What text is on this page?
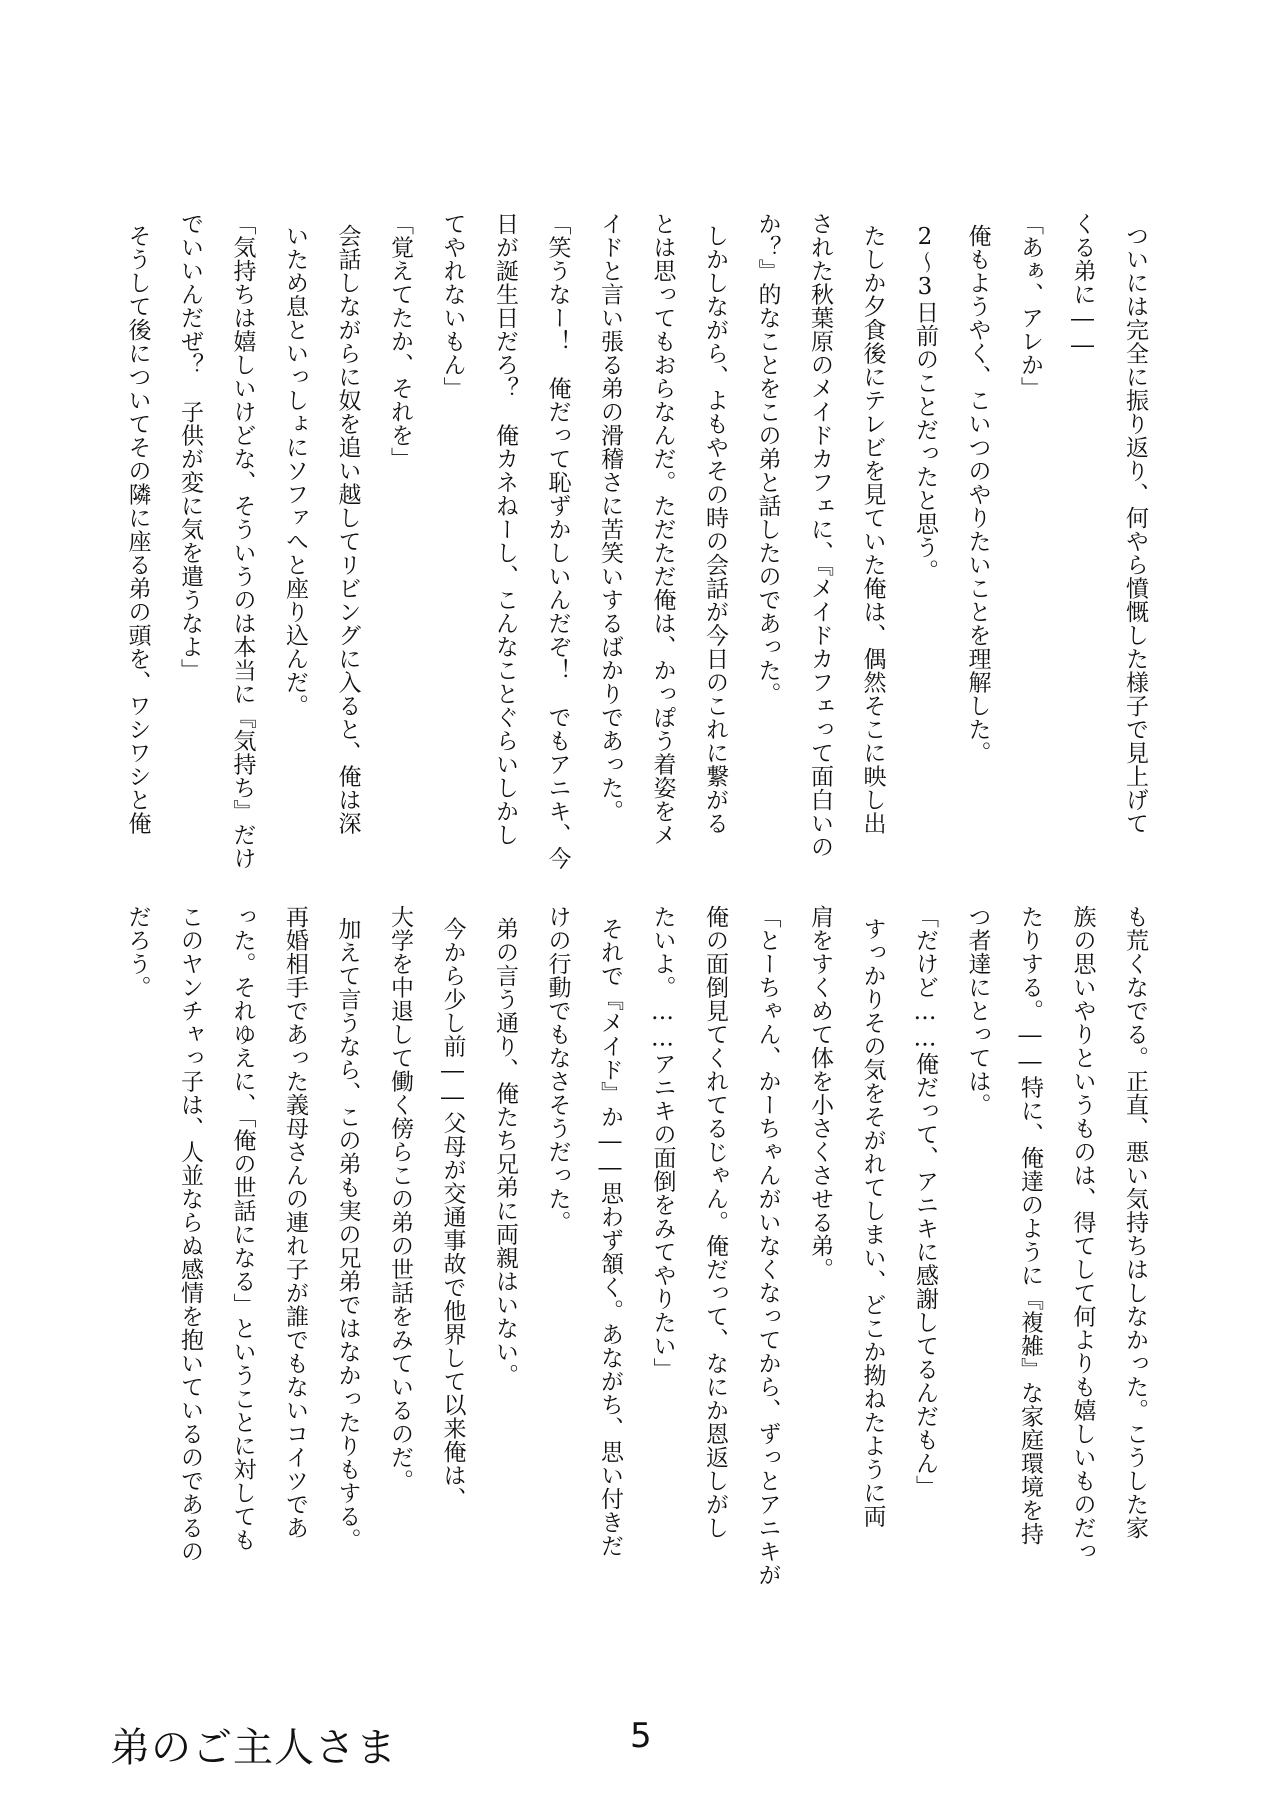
ついには完全に振り返り、何やら憤慨した様子で見上げて
くる弟に――
「あぁ、アレか」
俺もようやく、こいつのやりたいことを理解した。
2〜3日前のことだったと思う。
たしか夕食後にテレビを見ていた俺は、偶然そこに映し出
された秋葉原のメイドカフェに、『メイドカフェって面白いの
か？』的なことをこの弟と話したのであった。
しかしながら、よもやその時の会話が今日のこれに繋がる
とは思ってもおらなんだ。ただただ俺は、かっぽう着姿をメ
イドと言い張る弟の滑稽さに苦笑いするばかりであった。
「笑うなー！　俺だって恥ずかしいんだぞ！　でもアニキ、今
日が誕生日だろ？　俺カネねーし、こんなことぐらいしかし
てやれないもん」
「覚えてたか、それを」
会話しながらに奴を追い越してリビングに入ると、俺は深
いため息といっしょにソファへと座り込んだ。
「気持ちは嬉しいけどな、そういうのは本当に『気持ち』だけ
でいいんだぜ？　子供が変に気を遣うなよ」
そうして後についてその隣に座る弟の頭を、ワシワシと俺
も荒くなでる。正直、悪い気持ちはしなかった。こうした家
族の思いやりというものは、得てして何よりも嬉しいものだっ
たりする。――特に、俺達のように『複雑』な家庭環境を持
つ者達にとっては。
「だけど……俺だって、アニキに感謝してるんだもん」
すっかりその気をそがれてしまい、どこか拗ねたように両
肩をすくめて体を小さくさせる弟。
「とーちゃん、かーちゃんがいなくなってから、ずっとアニキが
俺の面倒見てくれてるじゃん。俺だって、なにか恩返しがし
たいよ。……アニキの面倒をみてやりたい」
それで『メイド』か――思わず頷く。あながち、思い付きだ
けの行動でもなさそうだった。
弟の言う通り、俺たち兄弟に両親はいない。
今から少し前――父母が交通事故で他界して以来俺は、
大学を中退して働く傍らこの弟の世話をみているのだ。
加えて言うなら、この弟も実の兄弟ではなかったりもする。
再婚相手であった義母さんの連れ子が誰でもないコイツであ
った。それゆえに、「俺の世話になる」ということに対しても
このヤンチャっ子は、人並ならぬ感情を抱いているのであるの
だろう。
弟のご主人さま	5
